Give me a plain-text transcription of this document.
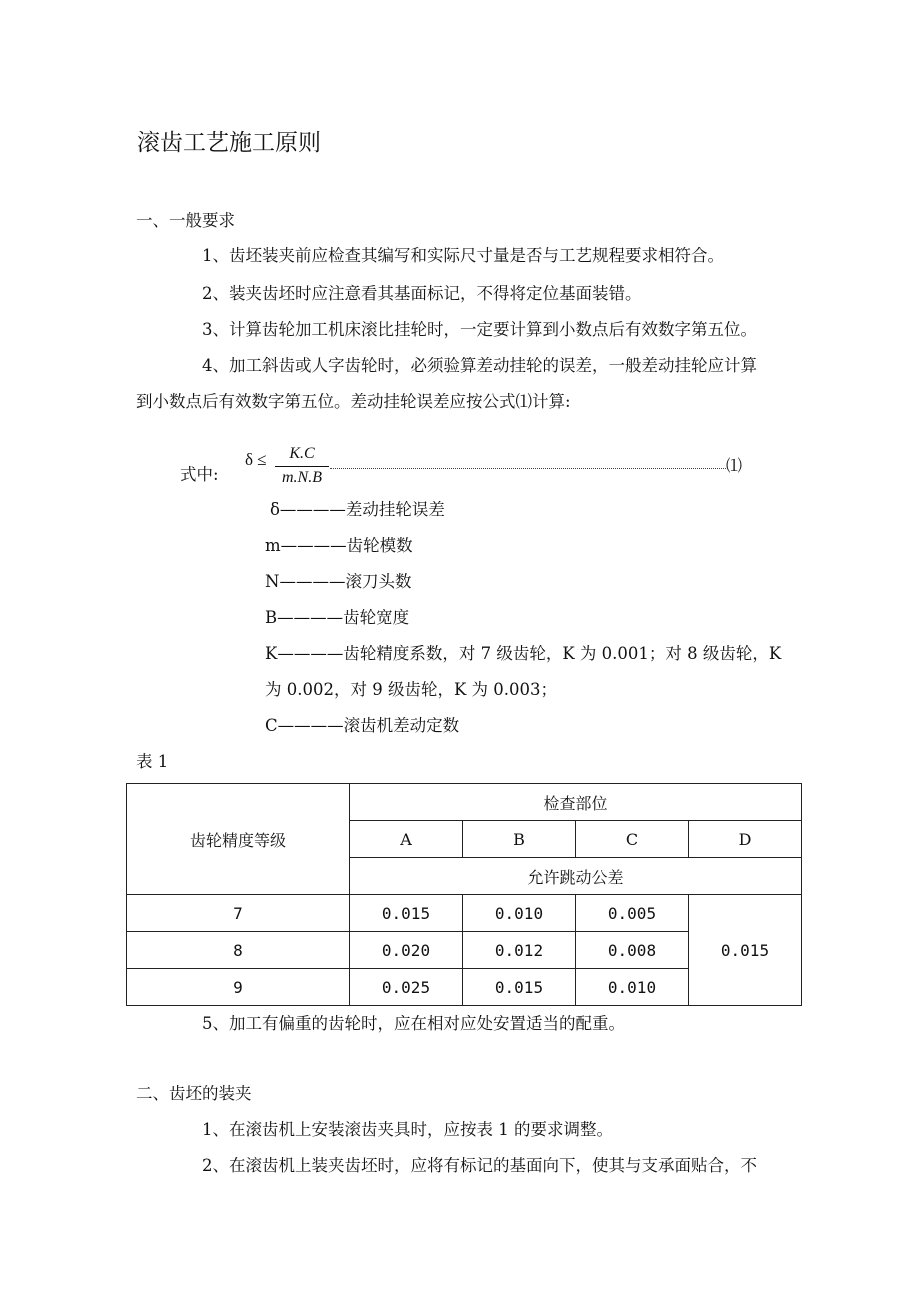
滚齿工艺施工原则
一、一般要求
1、齿坯装夹前应检查其编写和实际尺寸量是否与工艺规程要求相符合。
2、装夹齿坯时应注意看其基面标记，不得将定位基面装错。
3、计算齿轮加工机床滚比挂轮时，一定要计算到小数点后有效数字第五位。
4、加工斜齿或人字齿轮时，必须验算差动挂轮的误差，一般差动挂轮应计算
到小数点后有效数字第五位。差动挂轮误差应按公式⑴计算:
式中:
δ ≤	K.C
m.N.B
⑴
δ————差动挂轮误差
m————齿轮模数
N————滚刀头数
B————齿轮宽度
K————齿轮精度系数，对 7 级齿轮，K 为 0.001；对 8 级齿轮，K
为 0.002，对 9 级齿轮，K 为 0.003；
C————滚齿机差动定数
表 1
齿轮精度等级	检查部位			
	A	B	C	D
	允许跳动公差			
7	0.015	0.010	0.005	0.015
8	0.020	0.012	0.008	
9	0.025	0.015	0.010	
5、加工有偏重的齿轮时，应在相对应处安置适当的配重。
二、齿坯的装夹
1、在滚齿机上安装滚齿夹具时，应按表 1 的要求调整。
2、在滚齿机上装夹齿坯时，应将有标记的基面向下，使其与支承面贴合，不
